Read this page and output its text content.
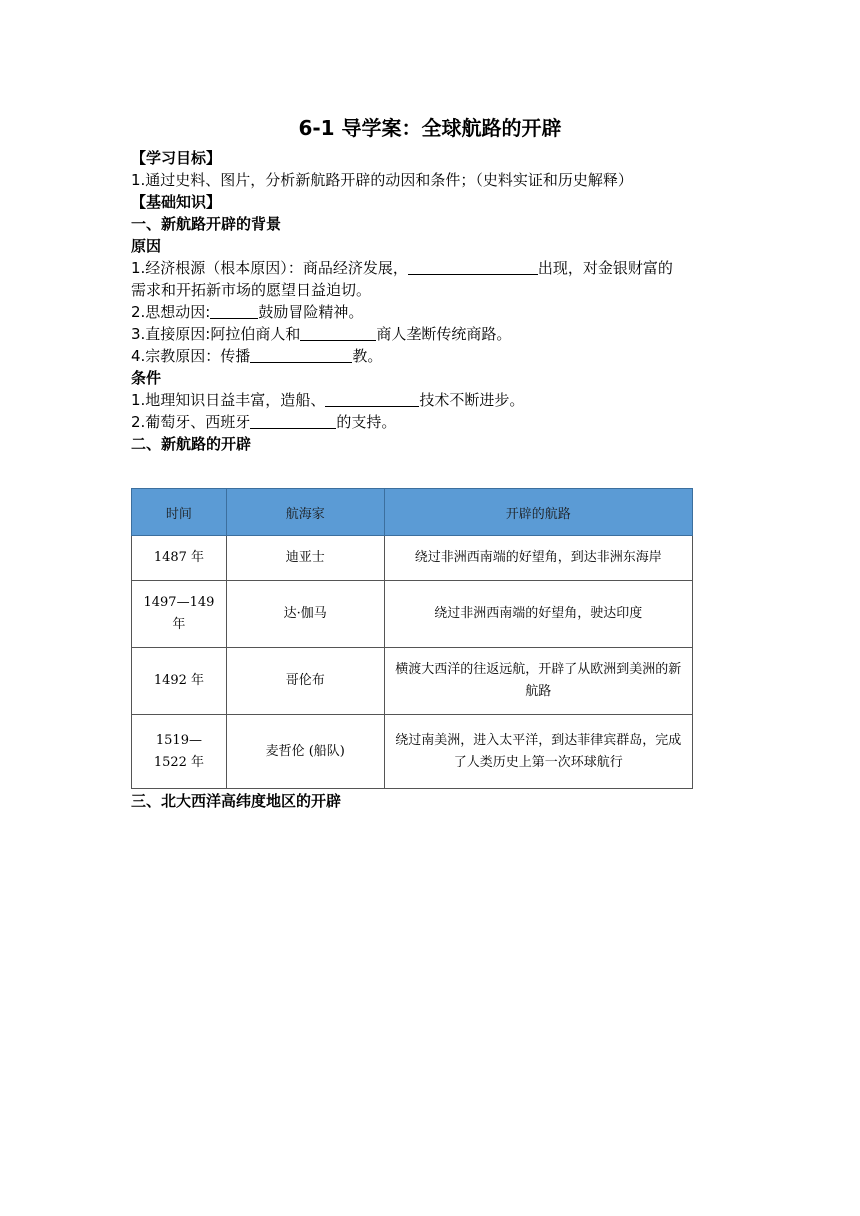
6-1 导学案：全球航路的开辟
【学习目标】
1.通过史料、图片，分析新航路开辟的动因和条件；（史料实证和历史解释）
【基础知识】
一、新航路开辟的背景
原因
1.经济根源（根本原因）：商品经济发展，	出现，对金银财富的
需求和开拓新市场的愿望日益迫切。
2.思想动因:	鼓励冒险精神。
3.直接原因:阿拉伯商人和	商人垄断传统商路。
4.宗教原因：传播	教。
条件
1.地理知识日益丰富，造船、	技术不断进步。
2.葡萄牙、西班牙	的支持。
二、新航路的开辟
时间	航海家	开辟的航路
1487 年	迪亚士	绕过非洲西南端的好望角，到达非洲东海岸
1497—149 年	达·伽马	绕过非洲西南端的好望角，驶达印度
1492 年	哥伦布	横渡大西洋的往返远航，开辟了从欧洲到美洲的新航路
1519— 1522 年	麦哲伦 (船队)	绕过南美洲，进入太平洋，到达菲律宾群岛，完成了人类历史上第一次环球航行
三、北大西洋高纬度地区的开辟
